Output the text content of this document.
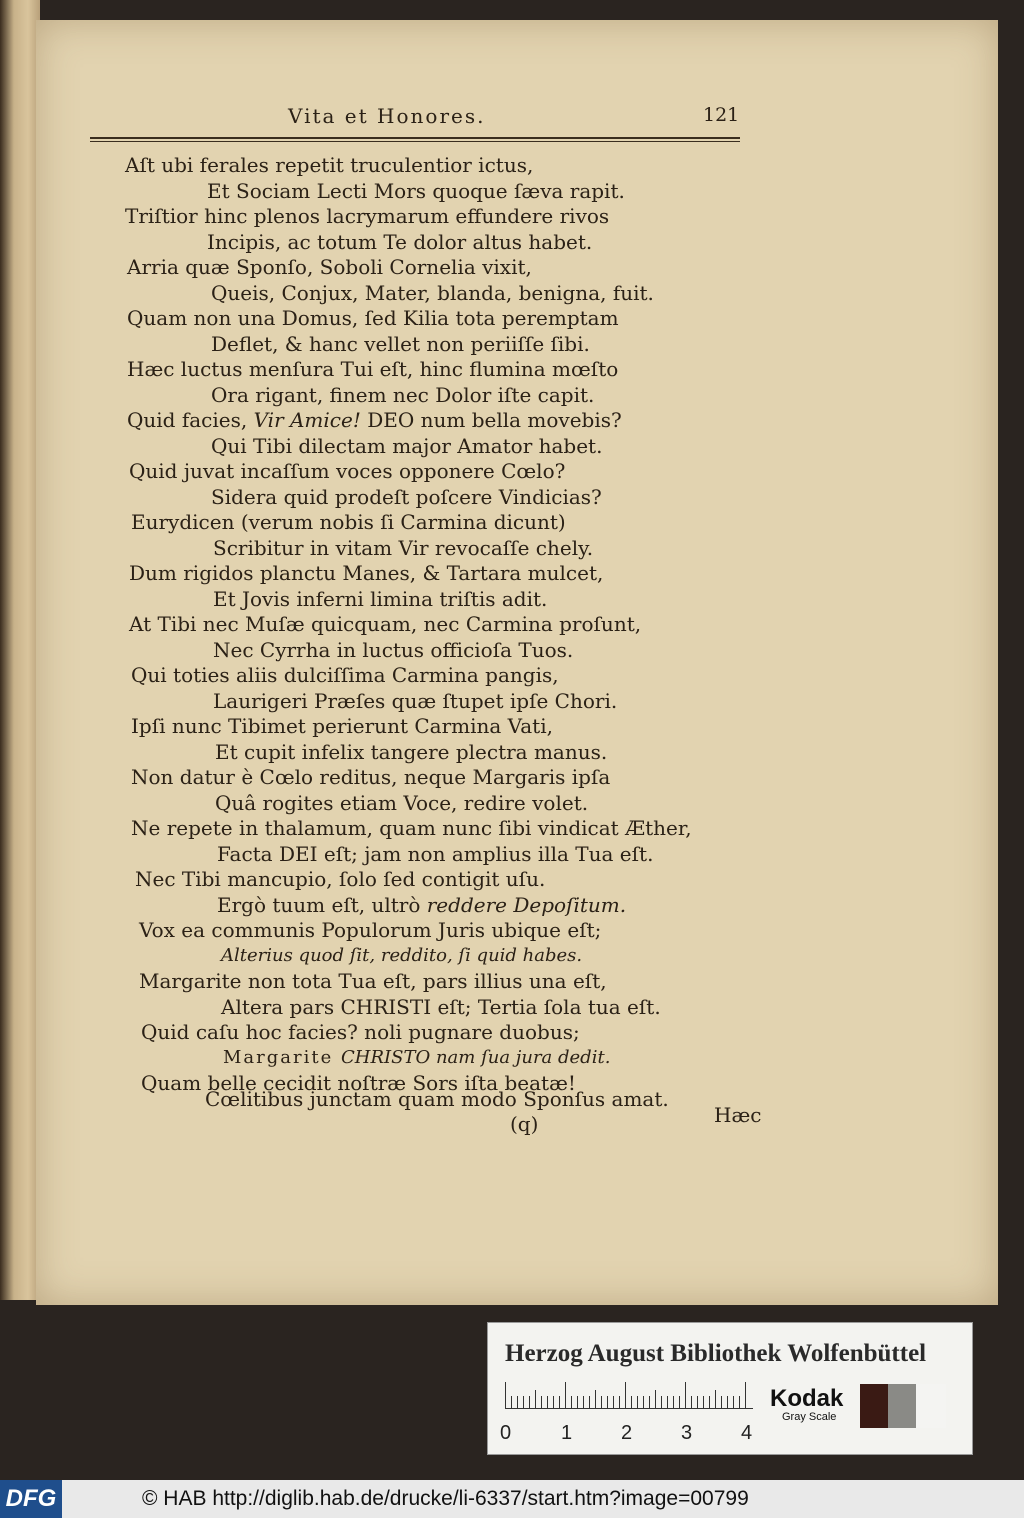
Vita et Honores.	121
Aſt ubi ferales repetit truculentior ictus,
Et Sociam Lecti Mors quoque ſæva rapit.
Triſtior hinc plenos lacrymarum effundere rivos
Incipis, ac totum Te dolor altus habet.
Arria quæ Sponſo, Soboli Cornelia vixit,
Queis, Conjux, Mater, blanda, benigna, fuit.
Quam non una Domus, ſed Kilia tota peremptam
Deflet, & hanc vellet non periiſſe ſibi.
Hæc luctus menſura Tui eſt, hinc flumina mœſto
Ora rigant, finem nec Dolor iſte capit.
Quid facies, Vir Amice! DEO num bella movebis?
Qui Tibi dilectam major Amator habet.
Quid juvat incaſſum voces opponere Cœlo?
Sidera quid prodeſt poſcere Vindicias?
Eurydicen (verum nobis ſi Carmina dicunt)
Scribitur in vitam Vir revocaſſe chely.
Dum rigidos planctu Manes, & Tartara mulcet,
Et Jovis inferni limina triſtis adit.
At Tibi nec Muſæ quicquam, nec Carmina proſunt,
Nec Cyrrha in luctus officioſa Tuos.
Qui toties aliis dulciſſima Carmina pangis,
Laurigeri Præſes quæ ſtupet ipſe Chori.
Ipſi nunc Tibimet perierunt Carmina Vati,
Et cupit infelix tangere plectra manus.
Non datur è Cœlo reditus, neque Margaris ipſa
Quâ rogites etiam Voce, redire volet.
Ne repete in thalamum, quam nunc ſibi vindicat Æther,
Facta DEI eſt; jam non amplius illa Tua eſt.
Nec Tibi mancupio, ſolo ſed contigit uſu.
Ergò tuum eſt, ultrò reddere Depoſitum.
Vox ea communis Populorum Juris ubique eſt;
Alterius quod ſit, reddito, ſi quid habes.
Margarite non tota Tua eſt, pars illius una eſt,
Altera pars CHRISTI eſt; Tertia ſola tua eſt.
Quid caſu hoc facies? noli pugnare duobus;
Margarite CHRISTO nam ſua jura dedit.
Quam belle cecidit noſtræ Sors iſta beatæ!
Cœlitibus junctam quam modo Sponſus amat.
(q)	Hæc
Herzog August Bibliothek Wolfenbüttel
0 1 2 3 4
Kodak
Gray Scale
DFG	© HAB http://diglib.hab.de/drucke/li-6337/start.htm?image=00799
